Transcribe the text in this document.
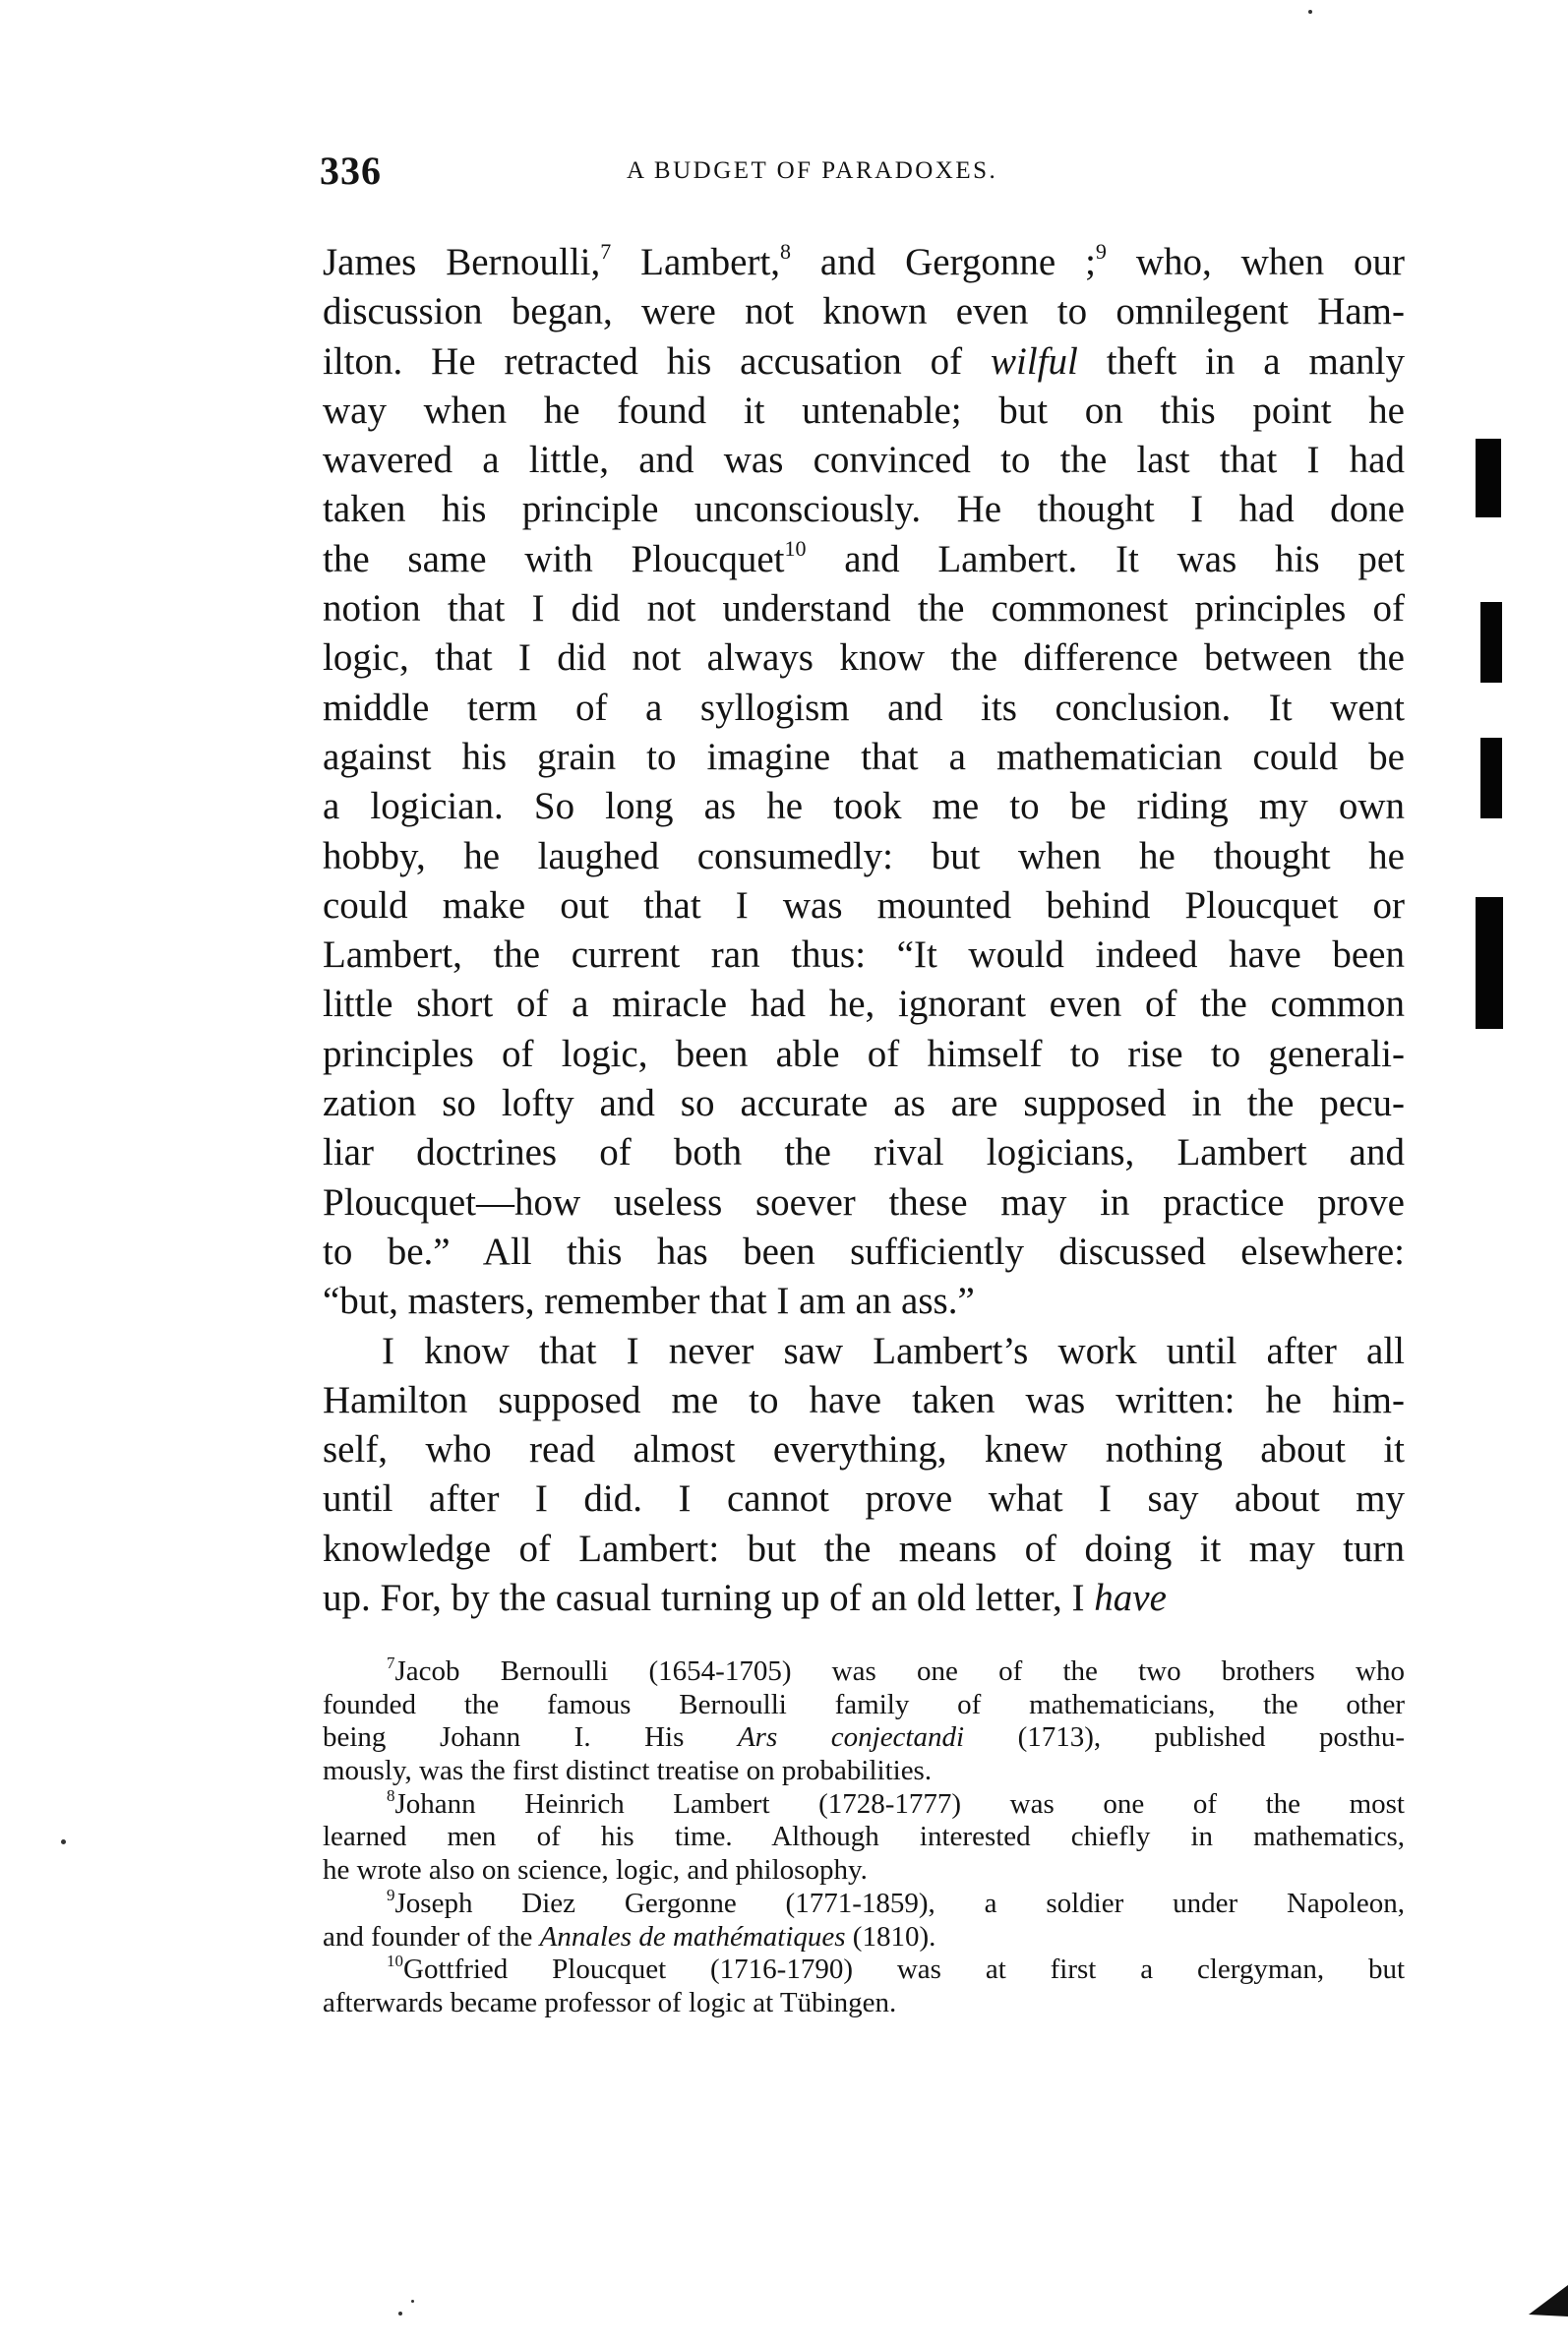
336	A BUDGET OF PARADOXES.
James Bernoulli,$^7$ Lambert,$^8$ and Gergonne ;$^9$ who, when our
discussion began, were not known even to omnilegent Ham-
ilton. He retracted his accusation of wilful theft in a manly
way when he found it untenable; but on this point he
wavered a little, and was convinced to the last that I had
taken his principle unconsciously. He thought I had done
the same with Ploucquet$^{10}$ and Lambert. It was his pet
notion that I did not understand the commonest principles of
logic, that I did not always know the difference between the
middle term of a syllogism and its conclusion. It went
against his grain to imagine that a mathematician could be
a logician. So long as he took me to be riding my own
hobby, he laughed consumedly: but when he thought he
could make out that I was mounted behind Ploucquet or
Lambert, the current ran thus: “It would indeed have been
little short of a miracle had he, ignorant even of the common
principles of logic, been able of himself to rise to generali-
zation so lofty and so accurate as are supposed in the pecu-
liar doctrines of both the rival logicians, Lambert and
Ploucquet—how useless soever these may in practice prove
to be.” All this has been sufficiently discussed elsewhere:
“but, masters, remember that I am an ass.”
I know that I never saw Lambert’s work until after all
Hamilton supposed me to have taken was written: he him-
self, who read almost everything, knew nothing about it
until after I did. I cannot prove what I say about my
knowledge of Lambert: but the means of doing it may turn
up. For, by the casual turning up of an old letter, I have
$^7$Jacob Bernoulli (1654-1705) was one of the two brothers who
founded the famous Bernoulli family of mathematicians, the other
being Johann I. His Ars conjectandi (1713), published posthu-
mously, was the first distinct treatise on probabilities.
$^8$Johann Heinrich Lambert (1728-1777) was one of the most
learned men of his time. Although interested chiefly in mathematics,
he wrote also on science, logic, and philosophy.
$^9$Joseph Diez Gergonne (1771-1859), a soldier under Napoleon,
and founder of the Annales de mathématiques (1810).
$^{10}$Gottfried Ploucquet (1716-1790) was at first a clergyman, but
afterwards became professor of logic at Tübingen.
